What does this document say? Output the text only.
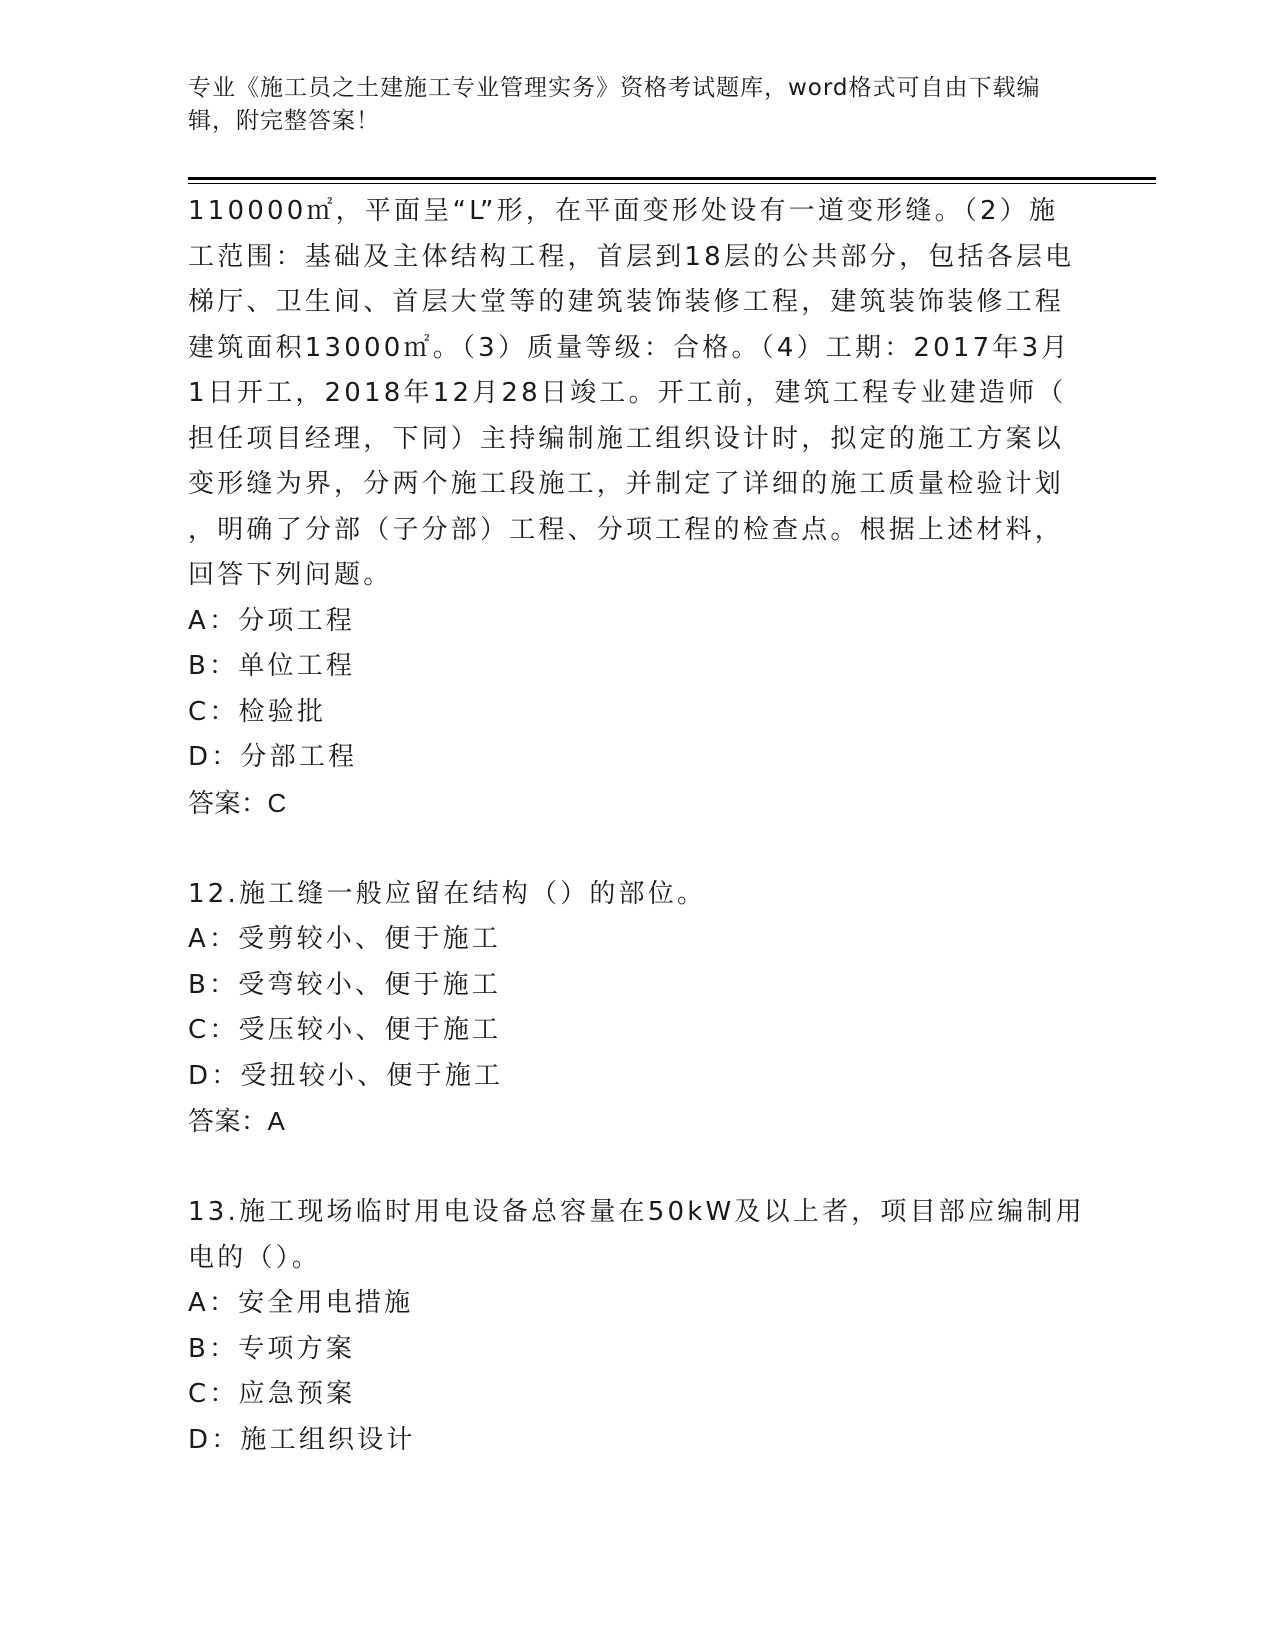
专业《施工员之土建施工专业管理实务》资格考试题库，word格式可自由下载编
辑，附完整答案！
110000㎡，平面呈“L”形，在平面变形处设有一道变形缝。（2）施
工范围：基础及主体结构工程，首层到18层的公共部分，包括各层电
梯厅、卫生间、首层大堂等的建筑装饰装修工程，建筑装饰装修工程
建筑面积13000㎡。（3）质量等级：合格。（4）工期：2017年3月
1日开工，2018年12月28日竣工。开工前，建筑工程专业建造师（
担任项目经理，下同）主持编制施工组织设计时，拟定的施工方案以
变形缝为界，分两个施工段施工，并制定了详细的施工质量检验计划
，明确了分部（子分部）工程、分项工程的检查点。根据上述材料，
回答下列问题。
A：分项工程
B：单位工程
C：检验批
D：分部工程
答案：C
12.施工缝一般应留在结构（）的部位。
A：受剪较小、便于施工
B：受弯较小、便于施工
C：受压较小、便于施工
D：受扭较小、便于施工
答案：A
13.施工现场临时用电设备总容量在50kW及以上者，项目部应编制用
电的（）。
A：安全用电措施
B：专项方案
C：应急预案
D：施工组织设计
